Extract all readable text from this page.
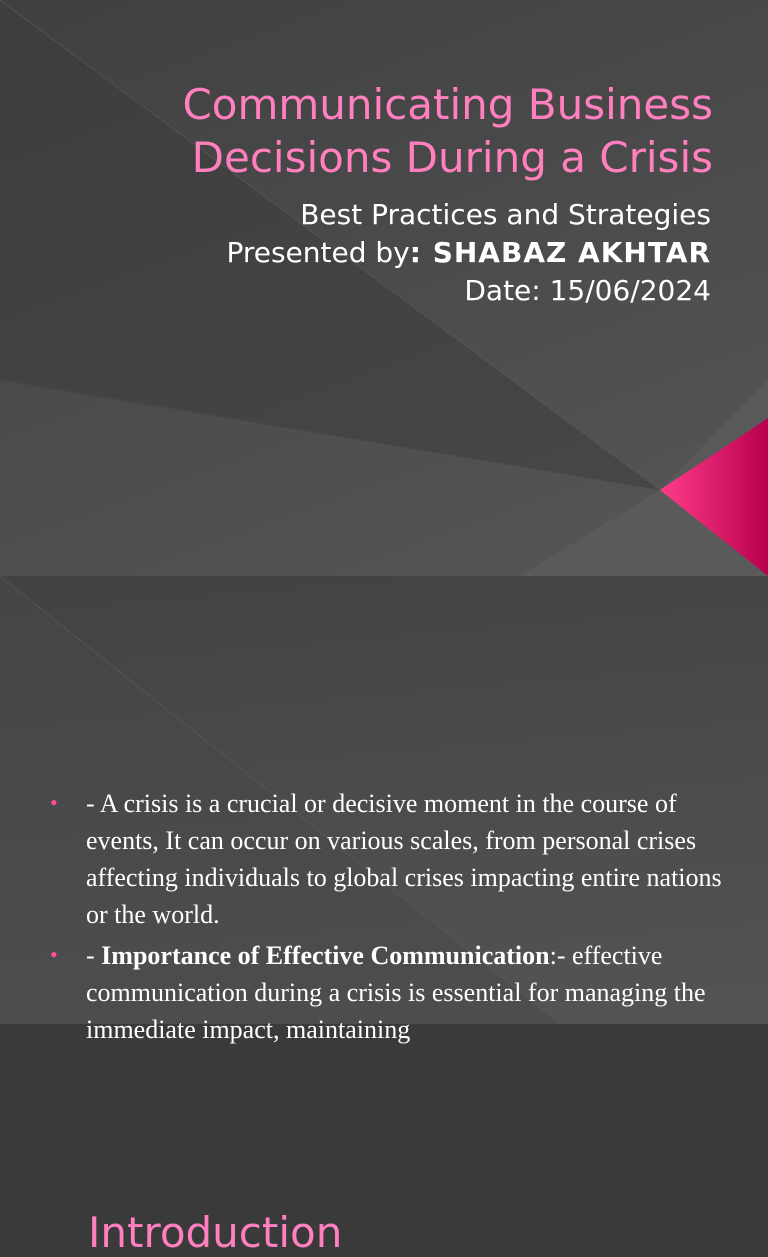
Communicating Business Decisions During a Crisis
Best Practices and Strategies
Presented by: SHABAZ AKHTAR
Date: 15/06/2024
Introduction
• - A crisis is a crucial or decisive moment in the course of events, It can occur on various scales, from personal crises affecting individuals to global crises impacting entire nations or the world.
• - Importance of Effective Communication:- effective communication during a crisis is essential for managing the immediate impact, maintaining
